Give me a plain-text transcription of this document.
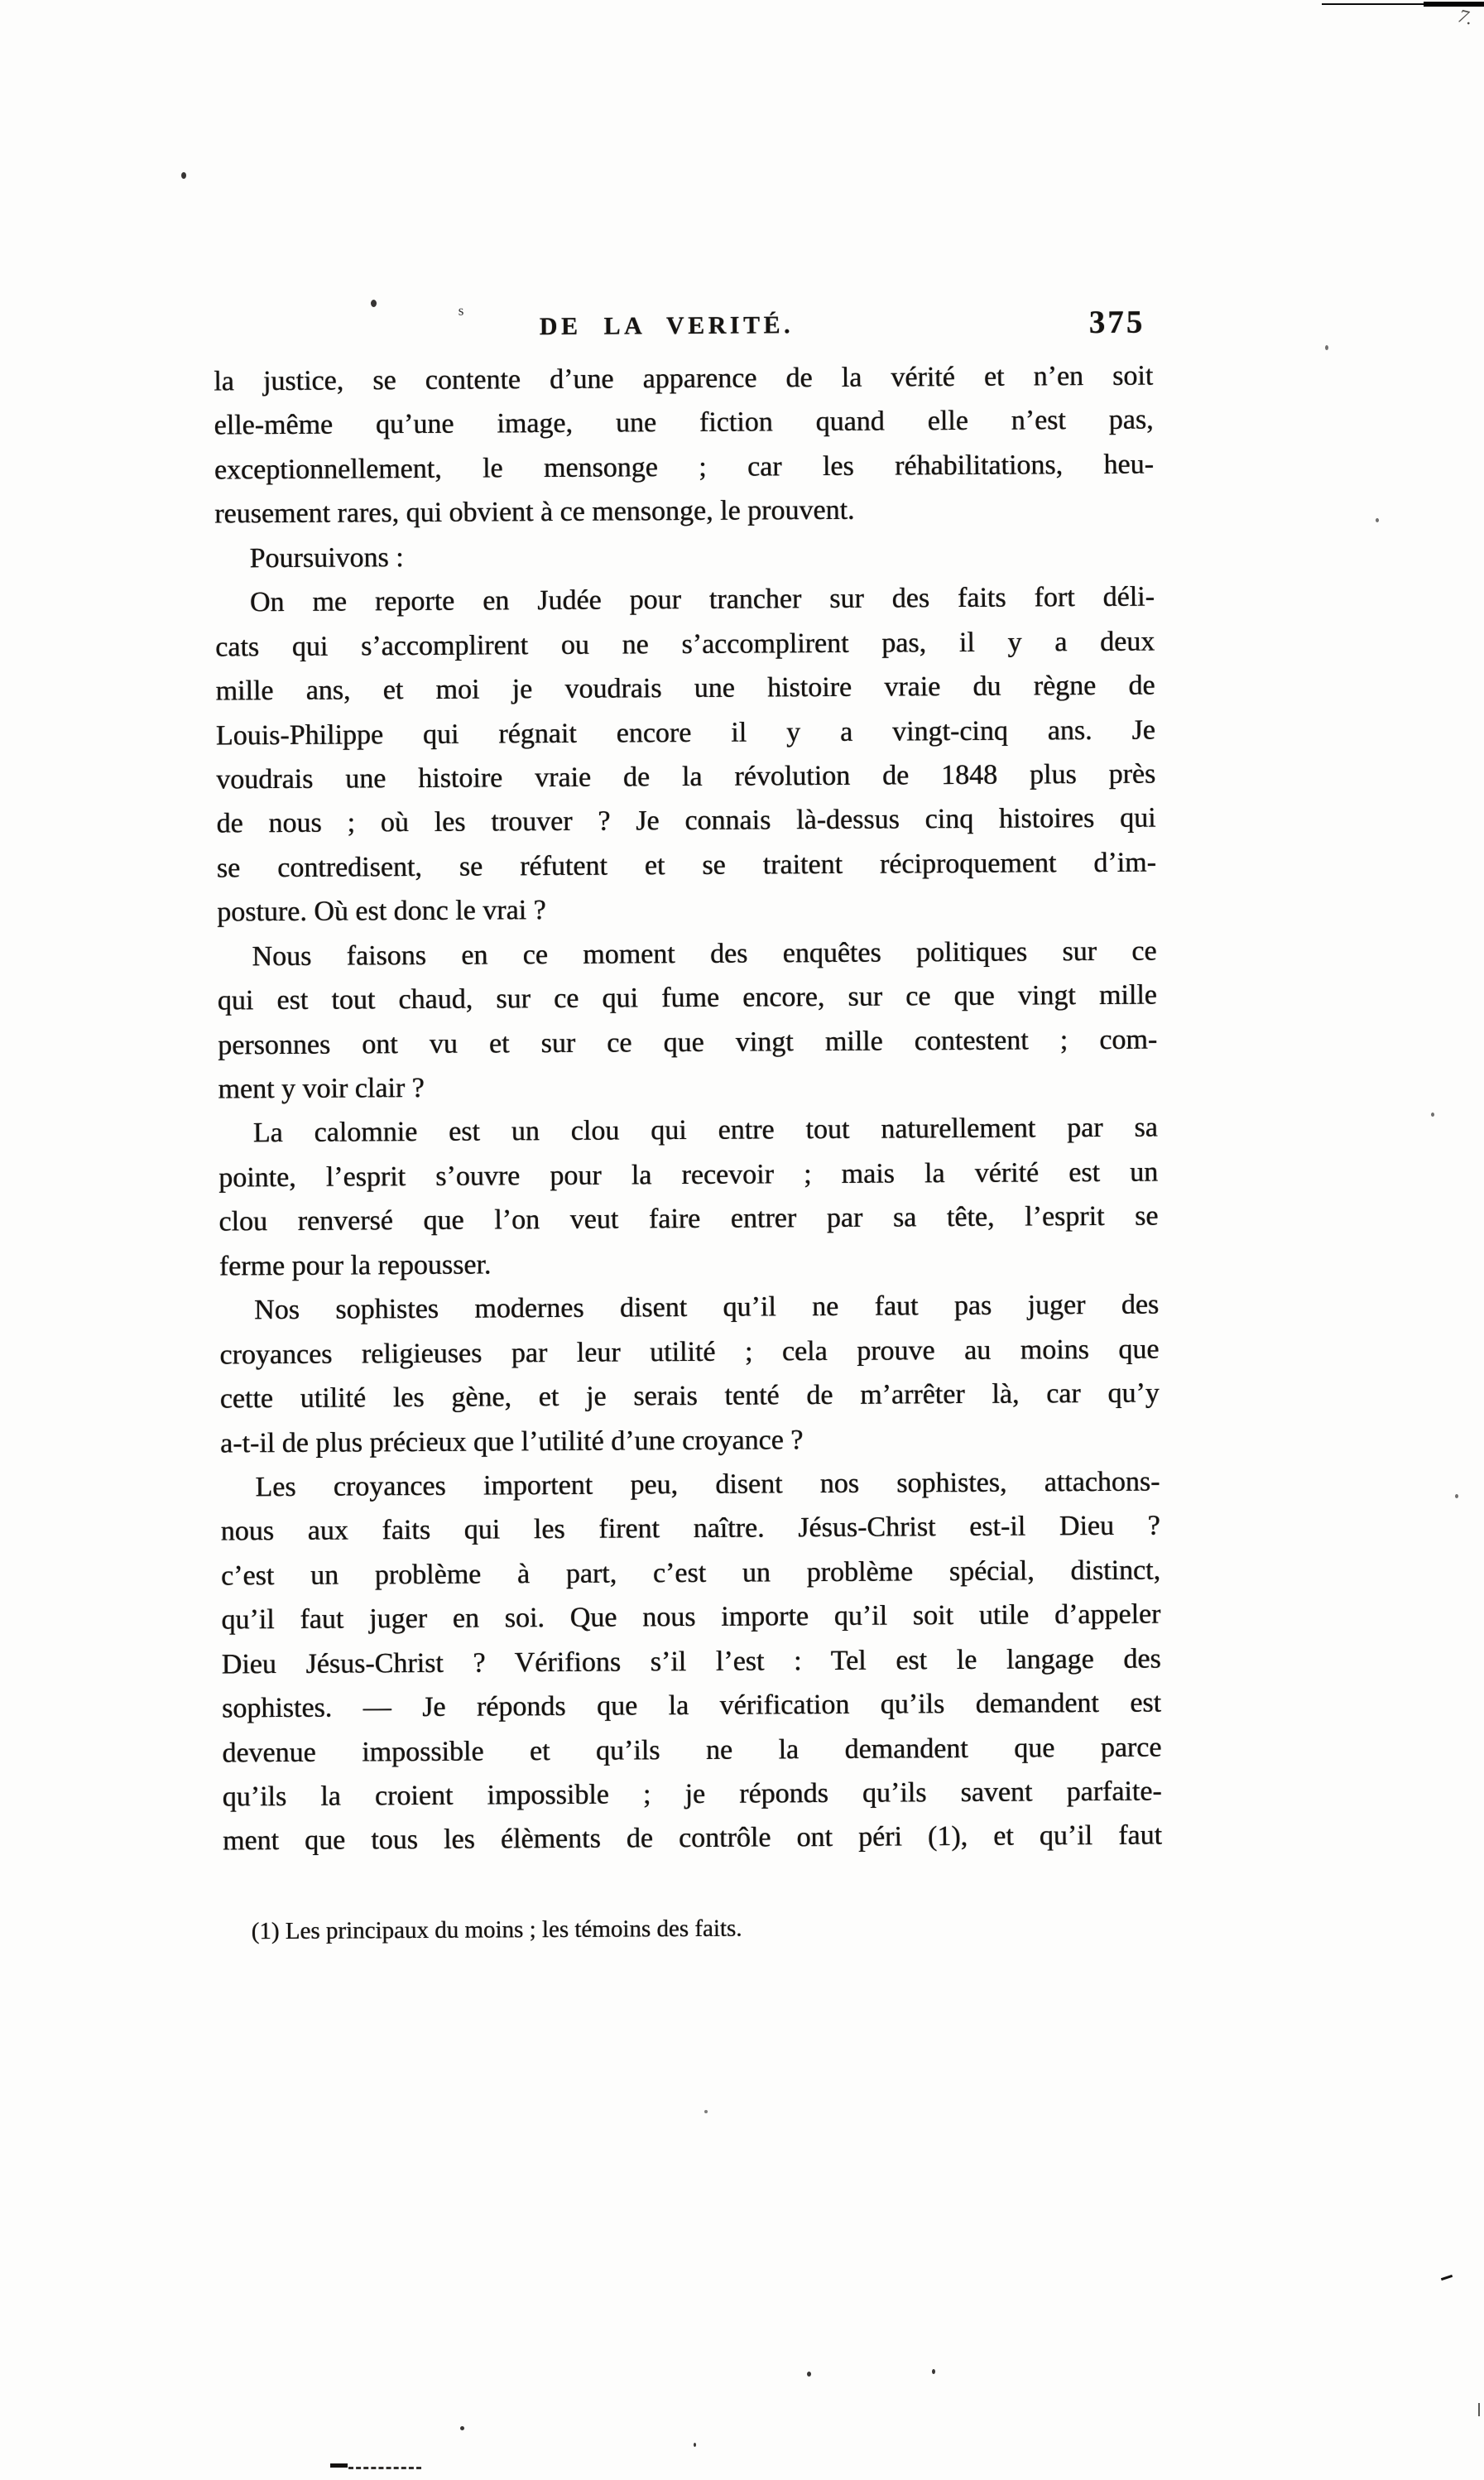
7.
s
DE LA VERITÉ.	375
la justice, se contente d’une apparence de la vérité et n’en soit
elle-même qu’une image, une fiction quand elle n’est pas,
exceptionnellement, le mensonge ; car les réhabilitations, heu-
reusement rares, qui obvient à ce mensonge, le prouvent.
Poursuivons :
On me reporte en Judée pour trancher sur des faits fort déli-
cats qui s’accomplirent ou ne s’accomplirent pas, il y a deux
mille ans, et moi je voudrais une histoire vraie du règne de
Louis-Philippe qui régnait encore il y a vingt-cinq ans. Je
voudrais une histoire vraie de la révolution de 1848 plus près
de nous ; où les trouver ? Je connais là-dessus cinq histoires qui
se contredisent, se réfutent et se traitent réciproquement d’im-
posture. Où est donc le vrai ?
Nous faisons en ce moment des enquêtes politiques sur ce
qui est tout chaud, sur ce qui fume encore, sur ce que vingt mille
personnes ont vu et sur ce que vingt mille contestent ; com-
ment y voir clair ?
La calomnie est un clou qui entre tout naturellement par sa
pointe, l’esprit s’ouvre pour la recevoir ; mais la vérité est un
clou renversé que l’on veut faire entrer par sa tête, l’esprit se
ferme pour la repousser.
Nos sophistes modernes disent qu’il ne faut pas juger des
croyances religieuses par leur utilité ; cela prouve au moins que
cette utilité les gène, et je serais tenté de m’arrêter là, car qu’y
a-t-il de plus précieux que l’utilité d’une croyance ?
Les croyances importent peu, disent nos sophistes, attachons-
nous aux faits qui les firent naître. Jésus-Christ est-il Dieu ?
c’est un problème à part, c’est un problème spécial, distinct,
qu’il faut juger en soi. Que nous importe qu’il soit utile d’appeler
Dieu Jésus-Christ ? Vérifions s’il l’est : Tel est le langage des
sophistes. — Je réponds que la vérification qu’ils demandent est
devenue impossible et qu’ils ne la demandent que parce
qu’ils la croient impossible ; je réponds qu’ils savent parfaite-
ment que tous les élèments de contrôle ont péri (1), et qu’il faut
(1) Les principaux du moins ; les témoins des faits.
